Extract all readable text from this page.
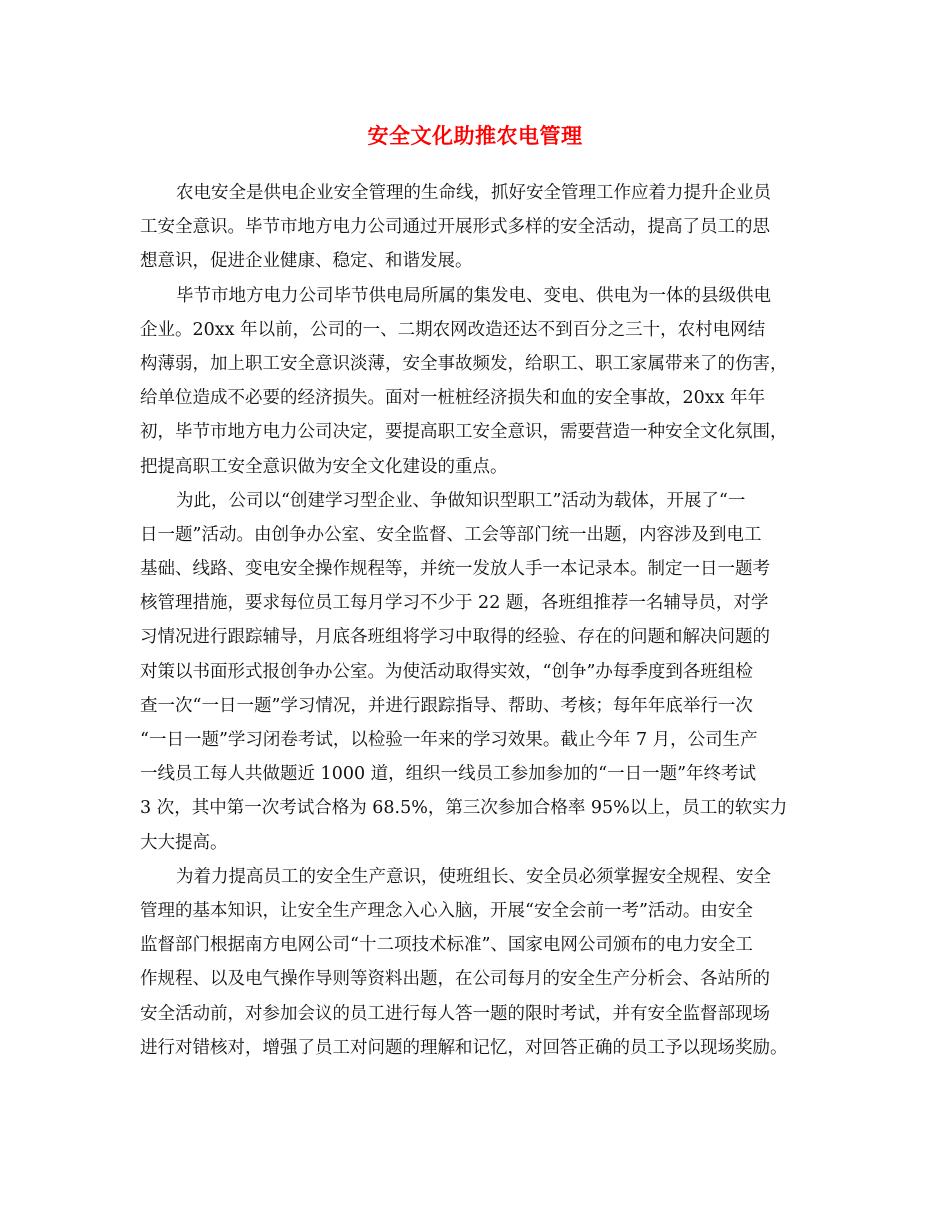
安全文化助推农电管理
农电安全是供电企业安全管理的生命线，抓好安全管理工作应着力提升企业员
工安全意识。毕节市地方电力公司通过开展形式多样的安全活动，提高了员工的思
想意识，促进企业健康、稳定、和谐发展。
毕节市地方电力公司毕节供电局所属的集发电、变电、供电为一体的县级供电
企业。20xx 年以前，公司的一、二期农网改造还达不到百分之三十，农村电网结
构薄弱，加上职工安全意识淡薄，安全事故频发，给职工、职工家属带来了的伤害，
给单位造成不必要的经济损失。面对一桩桩经济损失和血的安全事故，20xx 年年
初，毕节市地方电力公司决定，要提高职工安全意识，需要营造一种安全文化氛围，
把提高职工安全意识做为安全文化建设的重点。
为此，公司以“创建学习型企业、争做知识型职工”活动为载体，开展了“一
日一题”活动。由创争办公室、安全监督、工会等部门统一出题，内容涉及到电工
基础、线路、变电安全操作规程等，并统一发放人手一本记录本。制定一日一题考
核管理措施，要求每位员工每月学习不少于 22 题，各班组推荐一名辅导员，对学
习情况进行跟踪辅导，月底各班组将学习中取得的经验、存在的问题和解决问题的
对策以书面形式报创争办公室。为使活动取得实效，“创争”办每季度到各班组检
查一次“一日一题”学习情况，并进行跟踪指导、帮助、考核；每年年底举行一次
“一日一题”学习闭卷考试，以检验一年来的学习效果。截止今年 7 月，公司生产
一线员工每人共做题近 1000 道，组织一线员工参加参加的“一日一题”年终考试
3 次，其中第一次考试合格为 68.5%，第三次参加合格率 95%以上，员工的软实力
大大提高。
为着力提高员工的安全生产意识，使班组长、安全员必须掌握安全规程、安全
管理的基本知识，让安全生产理念入心入脑，开展“安全会前一考”活动。由安全
监督部门根据南方电网公司“十二项技术标准”、国家电网公司颁布的电力安全工
作规程、以及电气操作导则等资料出题，在公司每月的安全生产分析会、各站所的
安全活动前，对参加会议的员工进行每人答一题的限时考试，并有安全监督部现场
进行对错核对，增强了员工对问题的理解和记忆，对回答正确的员工予以现场奖励。
